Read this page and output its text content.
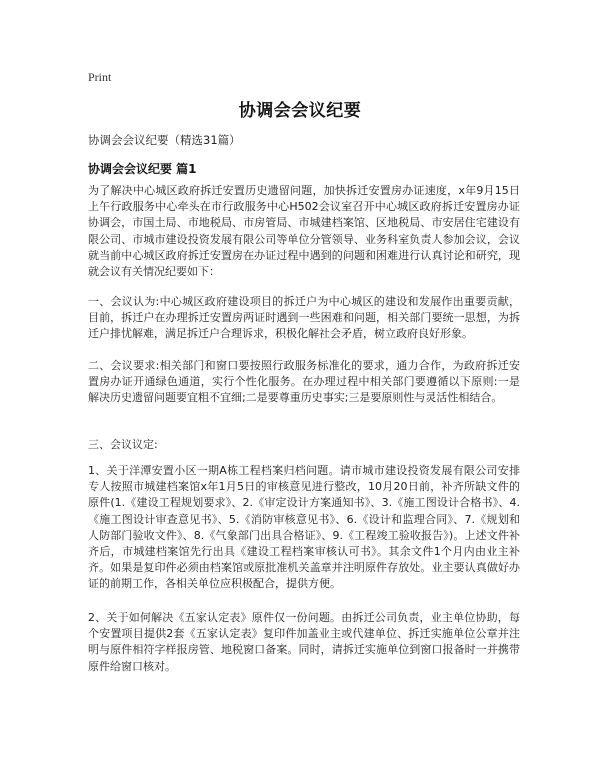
Print
协调会会议纪要
协调会会议纪要（精选31篇）
协调会会议纪要 篇1
为了解决中心城区政府拆迁安置历史遗留问题，加快拆迁安置房办证速度，x年9月15日上午行政服务中心牵头在市行政服务中心H502会议室召开中心城区政府拆迁安置房办证协调会，市国土局、市地税局、市房管局、市城建档案馆、区地税局、市安居住宅建设有限公司、市城市建设投资发展有限公司等单位分管领导、业务科室负责人参加会议，会议就当前中心城区政府拆迁安置房在办证过程中遇到的问题和困难进行认真讨论和研究，现就会议有关情况纪要如下：
一、会议认为:中心城区政府建设项目的拆迁户为中心城区的建设和发展作出重要贡献，目前，拆迁户在办理拆迁安置房两证时遇到一些困难和问题，相关部门要统一思想，为拆迁户排忧解难，满足拆迁户合理诉求，积极化解社会矛盾，树立政府良好形象。
二、会议要求:相关部门和窗口要按照行政服务标准化的要求，通力合作，为政府拆迁安置房办证开通绿色通道，实行个性化服务。在办理过程中相关部门要遵循以下原则:一是解决历史遗留问题要宜粗不宜细;二是要尊重历史事实;三是要原则性与灵活性相结合。
三、会议议定:
1、关于洋潭安置小区一期A栋工程档案归档问题。请市城市建设投资发展有限公司安排专人按照市城建档案馆x年1月5日的审核意见进行整改，10月20日前，补齐所缺文件的原件(1.《建设工程规划要求》、2.《审定设计方案通知书》、3.《施工图设计合格书》、4.《施工图设计审查意见书》、5.《消防审核意见书》、6.《设计和监理合同》、7.《规划和人防部门验收文件》、8.《气象部门出具合格证》、9.《工程竣工验收报告》)。上述文件补齐后，市城建档案馆先行出具《建设工程档案审核认可书》。其余文件1个月内由业主补齐。如果是复印件必须由档案馆或原批准机关盖章并注明原件存放处。业主要认真做好办证的前期工作，各相关单位应积极配合，提供方便。
2、关于如何解决《五家认定表》原件仅一份问题。由拆迁公司负责，业主单位协助，每个安置项目提供2套《五家认定表》复印件加盖业主或代建单位、拆迁实施单位公章并注明与原件相符字样报房管、地税窗口备案。同时，请拆迁实施单位到窗口报备时一并携带原件给窗口核对。
